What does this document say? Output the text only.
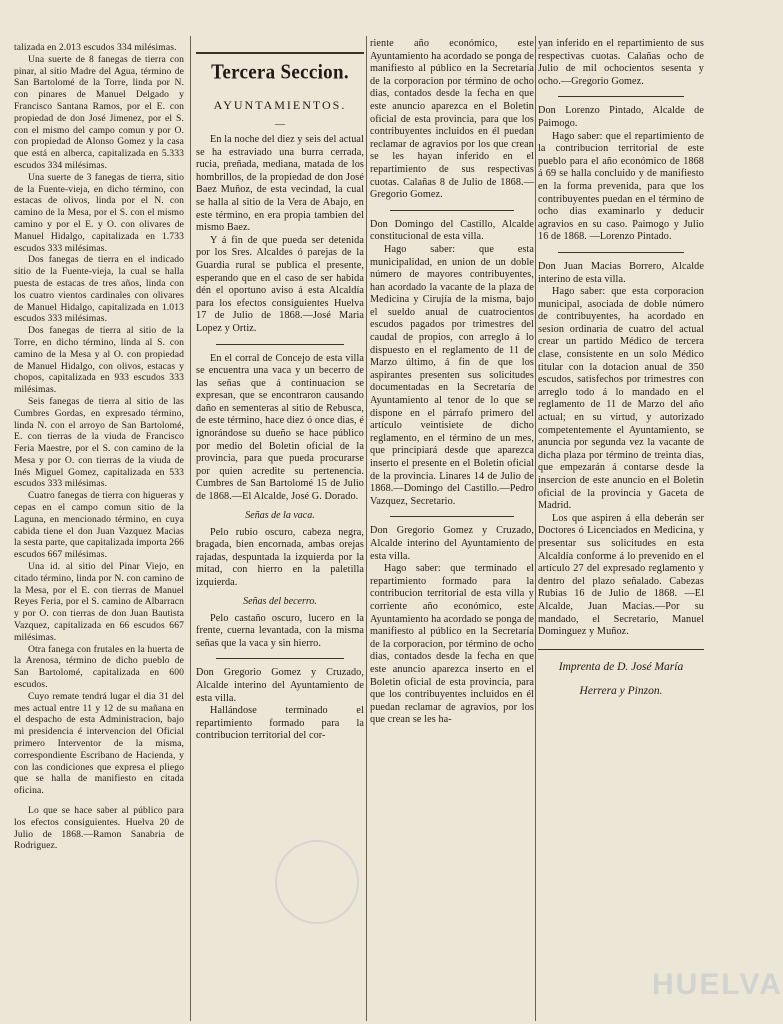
talizada en 2.013 escudos 334 milésimas.

Una suerte de 8 fanegas de tierra con pinar, al sitio Madre del Agua, término de San Bartolomé de la Torre, linda por N. con pinares de Manuel Delgado y Francisco Santana Ramos, por el E. con propiedad de don José Jimenez, por el S. con el mismo del campo comun y por O. con propiedad de Alonso Gomez y la casa que está en alberca, capitalizada en 5.333 escudos 334 milésimas.

Una suerte de 3 fanegas de tierra, sitio de la Fuente-vieja, en dicho término, con estacas de olivos, linda por el N. con camino de la Mesa, por el S. con el mismo camino y por el E. y O. con olivares de Manuel Hidalgo, capitalizada en 1.733 escudos 333 milésimas.

Dos fanegas de tierra en el indicado sitio de la Fuente-vieja, la cual se halla puesta de estacas de tres años, linda con los cuatro vientos cardinales con olivares de Manuel Hidalgo, capitalizada en 1.013 escudos 333 milésimas.

Dos fanegas de tierra al sitio de la Torre, en dicho término, linda al S. con camino de la Mesa y al O. con propiedad de Manuel Hidalgo, con olivos, estacas y chopos, capitalizada en 933 escudos 333 milésimas.

Seis fanegas de tierra al sitio de las Cumbres Gordas, en expresado término, linda N. con el arroyo de San Bartolomé, E. con tierras de la viuda de Francisco Feria Maestre, por el S. con camino de la Mesa y por O. con tierras de la viuda de Inés Miguel Gomez, capitalizada en 533 escudos 333 milésimas.

Cuatro fanegas de tierra con higueras y cepas en el campo comun sitio de la Laguna, en mencionado término, en cuya cabida tiene el don Juan Vazquez Macias la sesta parte, que capitalizada importa 266 escudos 667 milésimas.

Una id. al sitio del Pinar Viejo, en citado término, linda por N. con camino de la Mesa, por el E. con tierras de Manuel Reyes Feria, por el S. camino de Albarracn y por O. con tierras de don Juan Bautista Vazquez, capitalizada en 66 escudos 667 milésimas.

Otra fanega con frutales en la huerta de la Arenosa, término de dicho pueblo de San Bartolomé, capitalizada en 600 escudos.

Cuyo remate tendrá lugar el dia 31 del mes actual entre 11 y 12 de su mañana en el despacho de esta Administracion, bajo mi presidencia é intervencion del Oficial primero Interventor de la misma, correspondiente Escribano de Hacienda, y con las condiciones que expresa el pliego que se halla de manifiesto en citada oficina.

Lo que se hace saber al público para los efectos consiguientes. Huelva 20 de Julio de 1868.—Ramon Sanabria de Rodriguez.

Tercera Seccion.
AYUNTAMIENTOS.
—

En la noche del diez y seis del actual se ha estraviado una burra cerrada, rucia, preñada, mediana, matada de los hombrillos, de la propiedad de don José Baez Muñoz, de esta vecindad, la cual se halla al sitio de la Vera de Abajo, en este término, en era propia tambien del mismo Baez.

Y á fin de que pueda ser detenida por los Sres. Alcaldes ó parejas de la Guardia rural se publica el presente, esperando que en el caso de ser habida dén el oportuno aviso á esta Alcaldía para los efectos consiguientes Huelva 17 de Julio de 1868.—José Maria Lopez y Ortiz.

En el corral de Concejo de esta villa se encuentra una vaca y un becerro de las señas que á continuacion se expresan, que se encontraron causando daño en sementeras al sitio de Rebusca, de este término, hace diez ó once dias, é ignorándose su dueño se hace público por medio del Boletin oficial de la provincia, para que pueda procurarse por quien acredite su pertenencia. Cumbres de San Bartolomé 15 de Julio de 1868.—El Alcalde, José G. Dorado.

Señas de la vaca.

Pelo rubio oscuro, cabeza negra, bragada, bien encornada, ambas orejas rajadas, despuntada la izquierda por la mitad, con hierro en la paletilla izquierda.

Señas del becerro.

Pelo castaño oscuro, lucero en la frente, cuerna levantada, con la misma señas que la vaca y sin hierro.

Don Gregorio Gomez y Cruzado, Alcalde interino del Ayuntamiento de esta villa.

Hallándose terminado el repartimiento formado para la contribucion territorial del cor-

riente año económico, este Ayuntamiento ha acordado se ponga de manifiesto al público en la Secretaría de la corporacion por término de ocho dias, contados desde la fecha en que este anuncio aparezca en el Boletin oficial de esta provincia, para que los contribuyentes incluidos en él puedan reclamar de agravios por los que crean se les hayan inferido en el repartimiento de sus respectivas cuotas. Calañas 8 de Julio de 1868.—Gregorio Gomez.

Don Domingo del Castillo, Alcalde constitucional de esta villa.

Hago saber: que esta municipalidad, en union de un doble número de mayores contribuyentes, han acordado la vacante de la plaza de Medicina y Cirujía de la misma, bajo el sueldo anual de cuatrocientos escudos pagados por trimestres del caudal de propios, con arreglo á lo dispuesto en el reglamento de 11 de Marzo último, á fin de que los aspirantes presenten sus solicitudes documentadas en la Secretaría de Ayuntamiento al tenor de lo que se dispone en el párrafo primero del artículo veintisiete de dicho reglamento, en el término de un mes, que principiará desde que aparezca inserto el presente en el Boletin oficial de la provincia. Linares 14 de Julio de 1868.—Domingo del Castillo.—Pedro Vazquez, Secretario.

Don Gregorio Gomez y Cruzado, Alcalde interino del Ayuntamiento de esta villa.

Hago saber: que terminado el repartimiento formado para la contribucion territorial de esta villa y corriente año económico, este Ayuntamiento ha acordado se ponga de manifiesto al público en la Secretaría de la corporacion, por término de ocho dias, contados desde la fecha en que este anuncio aparezca inserto en el Boletin oficial de esta provincia, para que los contribuyentes incluidos en él puedan reclamar de agravios, por los que crean se les ha-

yan inferido en el repartimiento de sus respectivas cuotas. Calañas ocho de Julio de mil ochocientos sesenta y ocho.—Gregorio Gomez.

Don Lorenzo Pintado, Alcalde de Paimogo.

Hago saber: que el repartimiento de la contribucion territorial de este pueblo para el año económico de 1868 á 69 se halla concluido y de manifiesto en la forma prevenida, para que los contribuyentes puedan en el término de ocho dias examinarlo y deducir agravios en su caso. Paimogo y Julio 16 de 1868. —Lorenzo Pintado.

Don Juan Macias Borrero, Alcalde interino de esta villa.

Hago saber: que esta corporacion municipal, asociada de doble número de contribuyentes, ha acordado en sesion ordinaria de cuatro del actual crear un partido Médico de tercera clase, consistente en un solo Médico titular con la dotacion anual de 350 escudos, satisfechos por trimestres con arreglo todo á lo mandado en el reglamento de 11 de Marzo del año actual; en su virtud, y autorizado competentemente el Ayuntamiento, se anuncia por segunda vez la vacante de dicha plaza por término de treinta dias, que empezarán á contarse desde la insercion de este anuncio en el Boletin oficial de la provincia y Gaceta de Madrid.

Los que aspiren á ella deberán ser Doctores ó Licenciados en Medicina, y presentar sus solicitudes en esta Alcaldía conforme á lo prevenido en el artículo 27 del expresado reglamento y dentro del plazo señalado. Cabezas Rubias 16 de Julio de 1868. —El Alcalde, Juan Macias.—Por su mandado, el Secretario, Manuel Dominguez y Muñoz.

Imprenta de D. José María
Herrera y Pinzon.
HUELVA
